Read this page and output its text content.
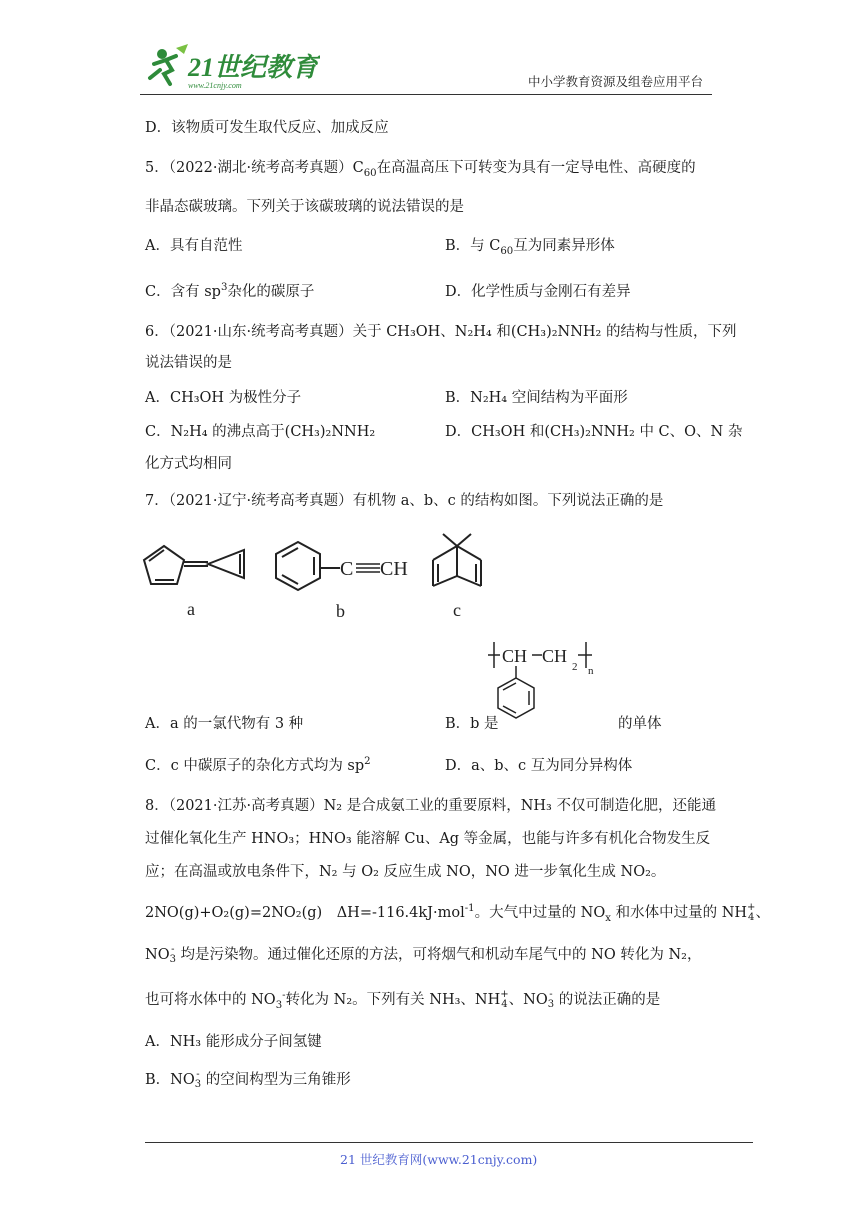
21世纪教育
www.21cnjy.com	中小学教育资源及组卷应用平台
D．该物质可发生取代反应、加成反应
5．（2022·湖北·统考高考真题）$C_{60}$在高温高压下可转变为具有一定导电性、高硬度的
非晶态碳玻璃。下列关于该碳玻璃的说法错误的是
A．具有自范性	B．与 $C_{60}$互为同素异形体
C．含有 $sp^3$杂化的碳原子	D．化学性质与金刚石有差异
6．（2021·山东·统考高考真题）关于 CH₃OH、N₂H₄ 和(CH₃)₂NNH₂ 的结构与性质，下列
说法错误的是
A．CH₃OH 为极性分子	B．N₂H₄ 空间结构为平面形
C．N₂H₄ 的沸点高于(CH₃)₂NNH₂	D．CH₃OH 和(CH₃)₂NNH₂ 中 C、O、N 杂
化方式均相同
7．（2021·辽宁·统考高考真题）有机物 a、b、c 的结构如图。下列说法正确的是
a
C CH
b	c
CH CH
2 n
A．a 的一氯代物有 3 种	B．b 是	的单体
C．c 中碳原子的杂化方式均为 $sp^2$	D．a、b、c 互为同分异构体
8．（2021·江苏·高考真题）N₂ 是合成氨工业的重要原料，NH₃ 不仅可制造化肥，还能通
过催化氧化生产 HNO₃；HNO₃ 能溶解 Cu、Ag 等金属，也能与许多有机化合物发生反
应；在高温或放电条件下，N₂ 与 O₂ 反应生成 NO，NO 进一步氧化生成 NO₂。
2NO(g)+O₂(g)=2NO₂(g)　ΔH=-116.4kJ·mol$^{-1}$。大气中过量的 $NO_x$ 和水体中过量的 NH+
4、
NO-
3 均是污染物。通过催化还原的方法，可将烟气和机动车尾气中的 NO 转化为 N₂，
也可将水体中的 $NO_3^-$转化为 N₂。下列有关 NH₃、NH+
4、NO-
3 的说法正确的是
A．NH₃ 能形成分子间氢键
B．NO-
3 的空间构型为三角锥形
21 世纪教育网(www.21cnjy.com)
